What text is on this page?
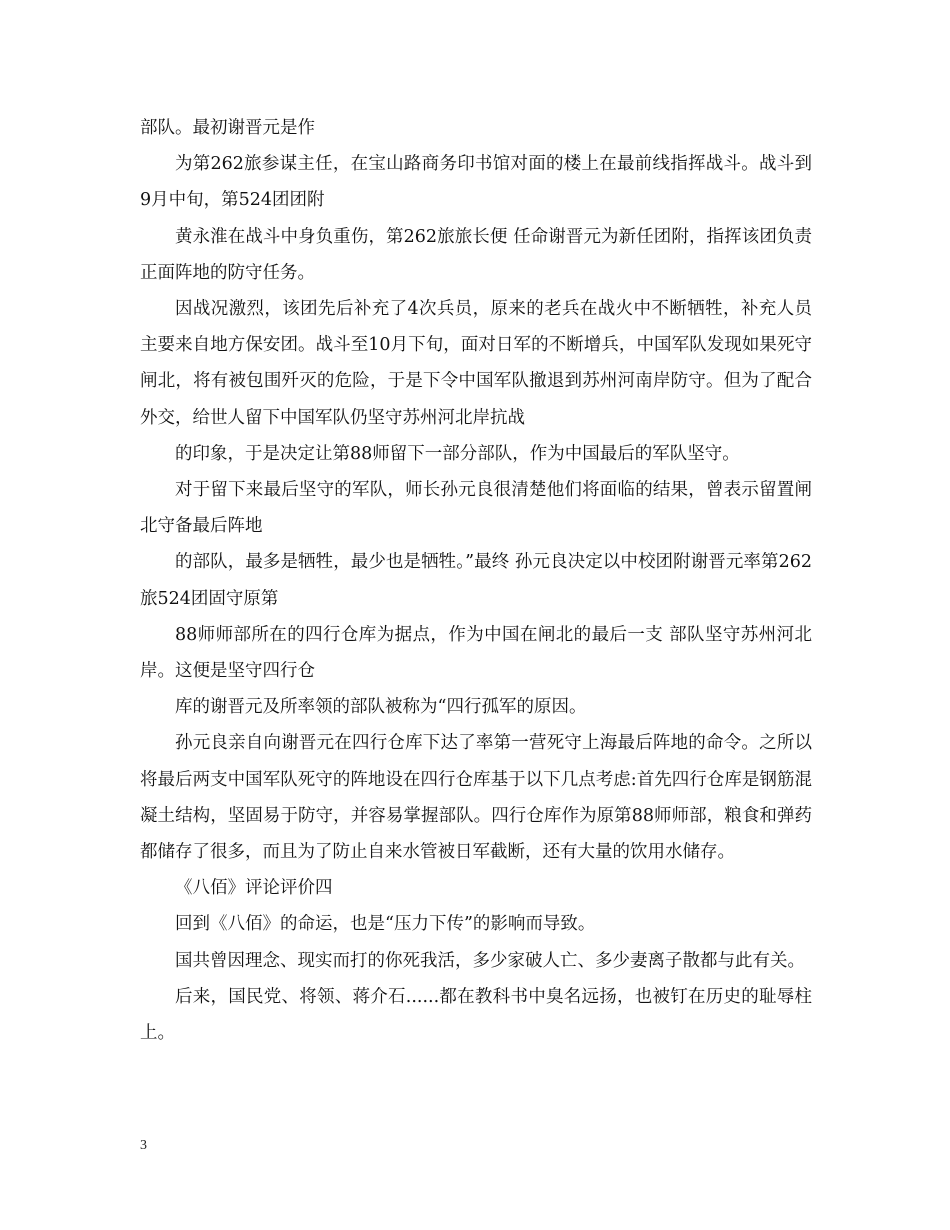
部队。最初谢晋元是作

为第262旅参谋主任，在宝山路商务印书馆对面的楼上在最前线指挥战斗。战斗到9月中旬，第524团团附

黄永淮在战斗中身负重伤，第262旅旅长便 任命谢晋元为新任团附，指挥该团负责正面阵地的防守任务。

因战况激烈，该团先后补充了4次兵员，原来的老兵在战火中不断牺牲，补充人员主要来自地方保安团。战斗至10月下旬，面对日军的不断增兵，中国军队发现如果死守闸北，将有被包围歼灭的危险，于是下令中国军队撤退到苏州河南岸防守。但为了配合外交，给世人留下中国军队仍坚守苏州河北岸抗战

的印象，于是决定让第88师留下一部分部队，作为中国最后的军队坚守。

对于留下来最后坚守的军队，师长孙元良很清楚他们将面临的结果，曾表示留置闸北守备最后阵地

的部队，最多是牺牲，最少也是牺牲。”最终 孙元良决定以中校团附谢晋元率第262旅524团固守原第

88师师部所在的四行仓库为据点，作为中国在闸北的最后一支 部队坚守苏州河北岸。这便是坚守四行仓

库的谢晋元及所率领的部队被称为“四行孤军的原因。

孙元良亲自向谢晋元在四行仓库下达了率第一营死守上海最后阵地的命令。之所以将最后两支中国军队死守的阵地设在四行仓库基于以下几点考虑:首先四行仓库是钢筋混凝土结构，坚固易于防守，并容易掌握部队。四行仓库作为原第88师师部，粮食和弹药都储存了很多，而且为了防止自来水管被日军截断，还有大量的饮用水储存。

《八佰》评论评价四

回到《八佰》的命运，也是“压力下传”的影响而导致。

国共曾因理念、现实而打的你死我活，多少家破人亡、多少妻离子散都与此有关。

后来，国民党、将领、蒋介石......都在教科书中臭名远扬，也被钉在历史的耻辱柱上。

3
